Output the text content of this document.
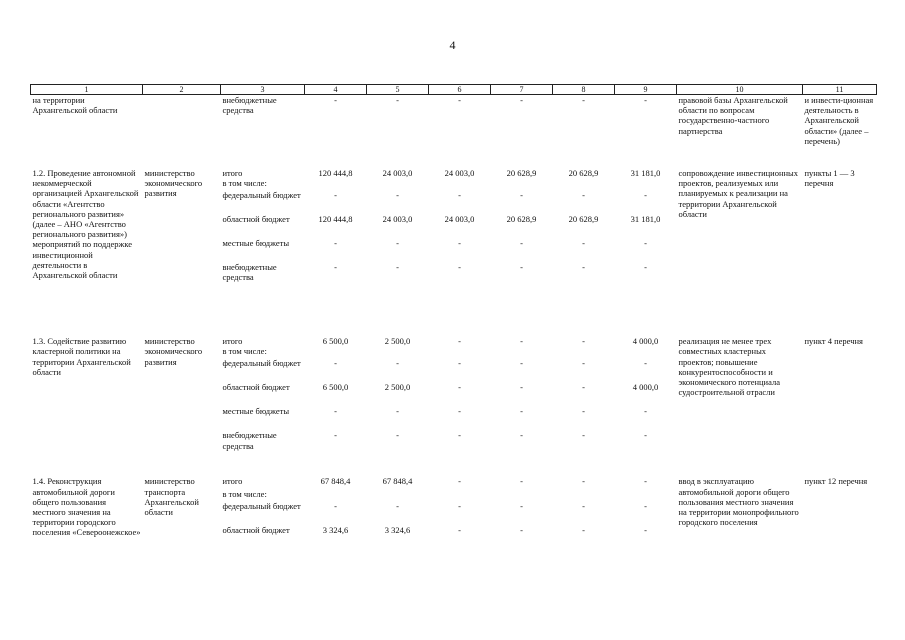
4
1	2	3	4	5	6	7	8	9	10	11
на территории Архангельской области		внебюджетные средства	-	-	-	-	-	-	правовой базы Архангельской области по вопросам государственно-частного партнерства	и инвести-ционная деятельность в Архангельской области» (далее – перечень)

1.2. Проведение автономной некоммерческой организацией Архангельской области «Агентство регионального развития» (далее – АНО «Агентство регионального развития») мероприятий по поддержке инвестиционной деятельности в Архангельской области	министерство экономического развития	итого	120 444,8	24 003,0	24 003,0	20 628,9	20 628,9	31 181,0	сопровождение инвестиционных проектов, реализуемых или планируемых к реализации на территории Архангельской области	пункты 1 — 3 перечня
		в том числе:								
		федеральный бюджет	-	-	-	-	-	-		
		областной бюджет	120 444,8	24 003,0	24 003,0	20 628,9	20 628,9	31 181,0		
		местные бюджеты	-	-	-	-	-	-		
		внебюджетные средства	-	-	-	-	-	-		

1.3. Содействие развитию кластерной политики на территории Архангельской области	министерство экономического развития	итого	6 500,0	2 500,0	-	-	-	4 000,0	реализация не менее трех совместных кластерных проектов; повышение конкурентоспособности и экономического потенциала судостроительной отрасли	пункт 4 перечня
		в том числе:								
		федеральный бюджет	-	-	-	-	-	-		
		областной бюджет	6 500,0	2 500,0	-	-	-	4 000,0		
		местные бюджеты	-	-	-	-	-	-		
		внебюджетные средства	-	-	-	-	-	-		

1.4. Реконструкция автомобильной дороги общего пользования местного значения на территории городского поселения «Североонежское»	министерство транспорта Архангельской области	итого	67 848,4	67 848,4	-	-	-	-	ввод в эксплуатацию автомобильной дороги общего пользования местного значения на территории монопрофильного городского поселения	пункт 12 перечня
		в том числе:								
		федеральный бюджет	-	-	-	-	-	-		
		областной бюджет	3 324,6	3 324,6	-	-	-	-		
